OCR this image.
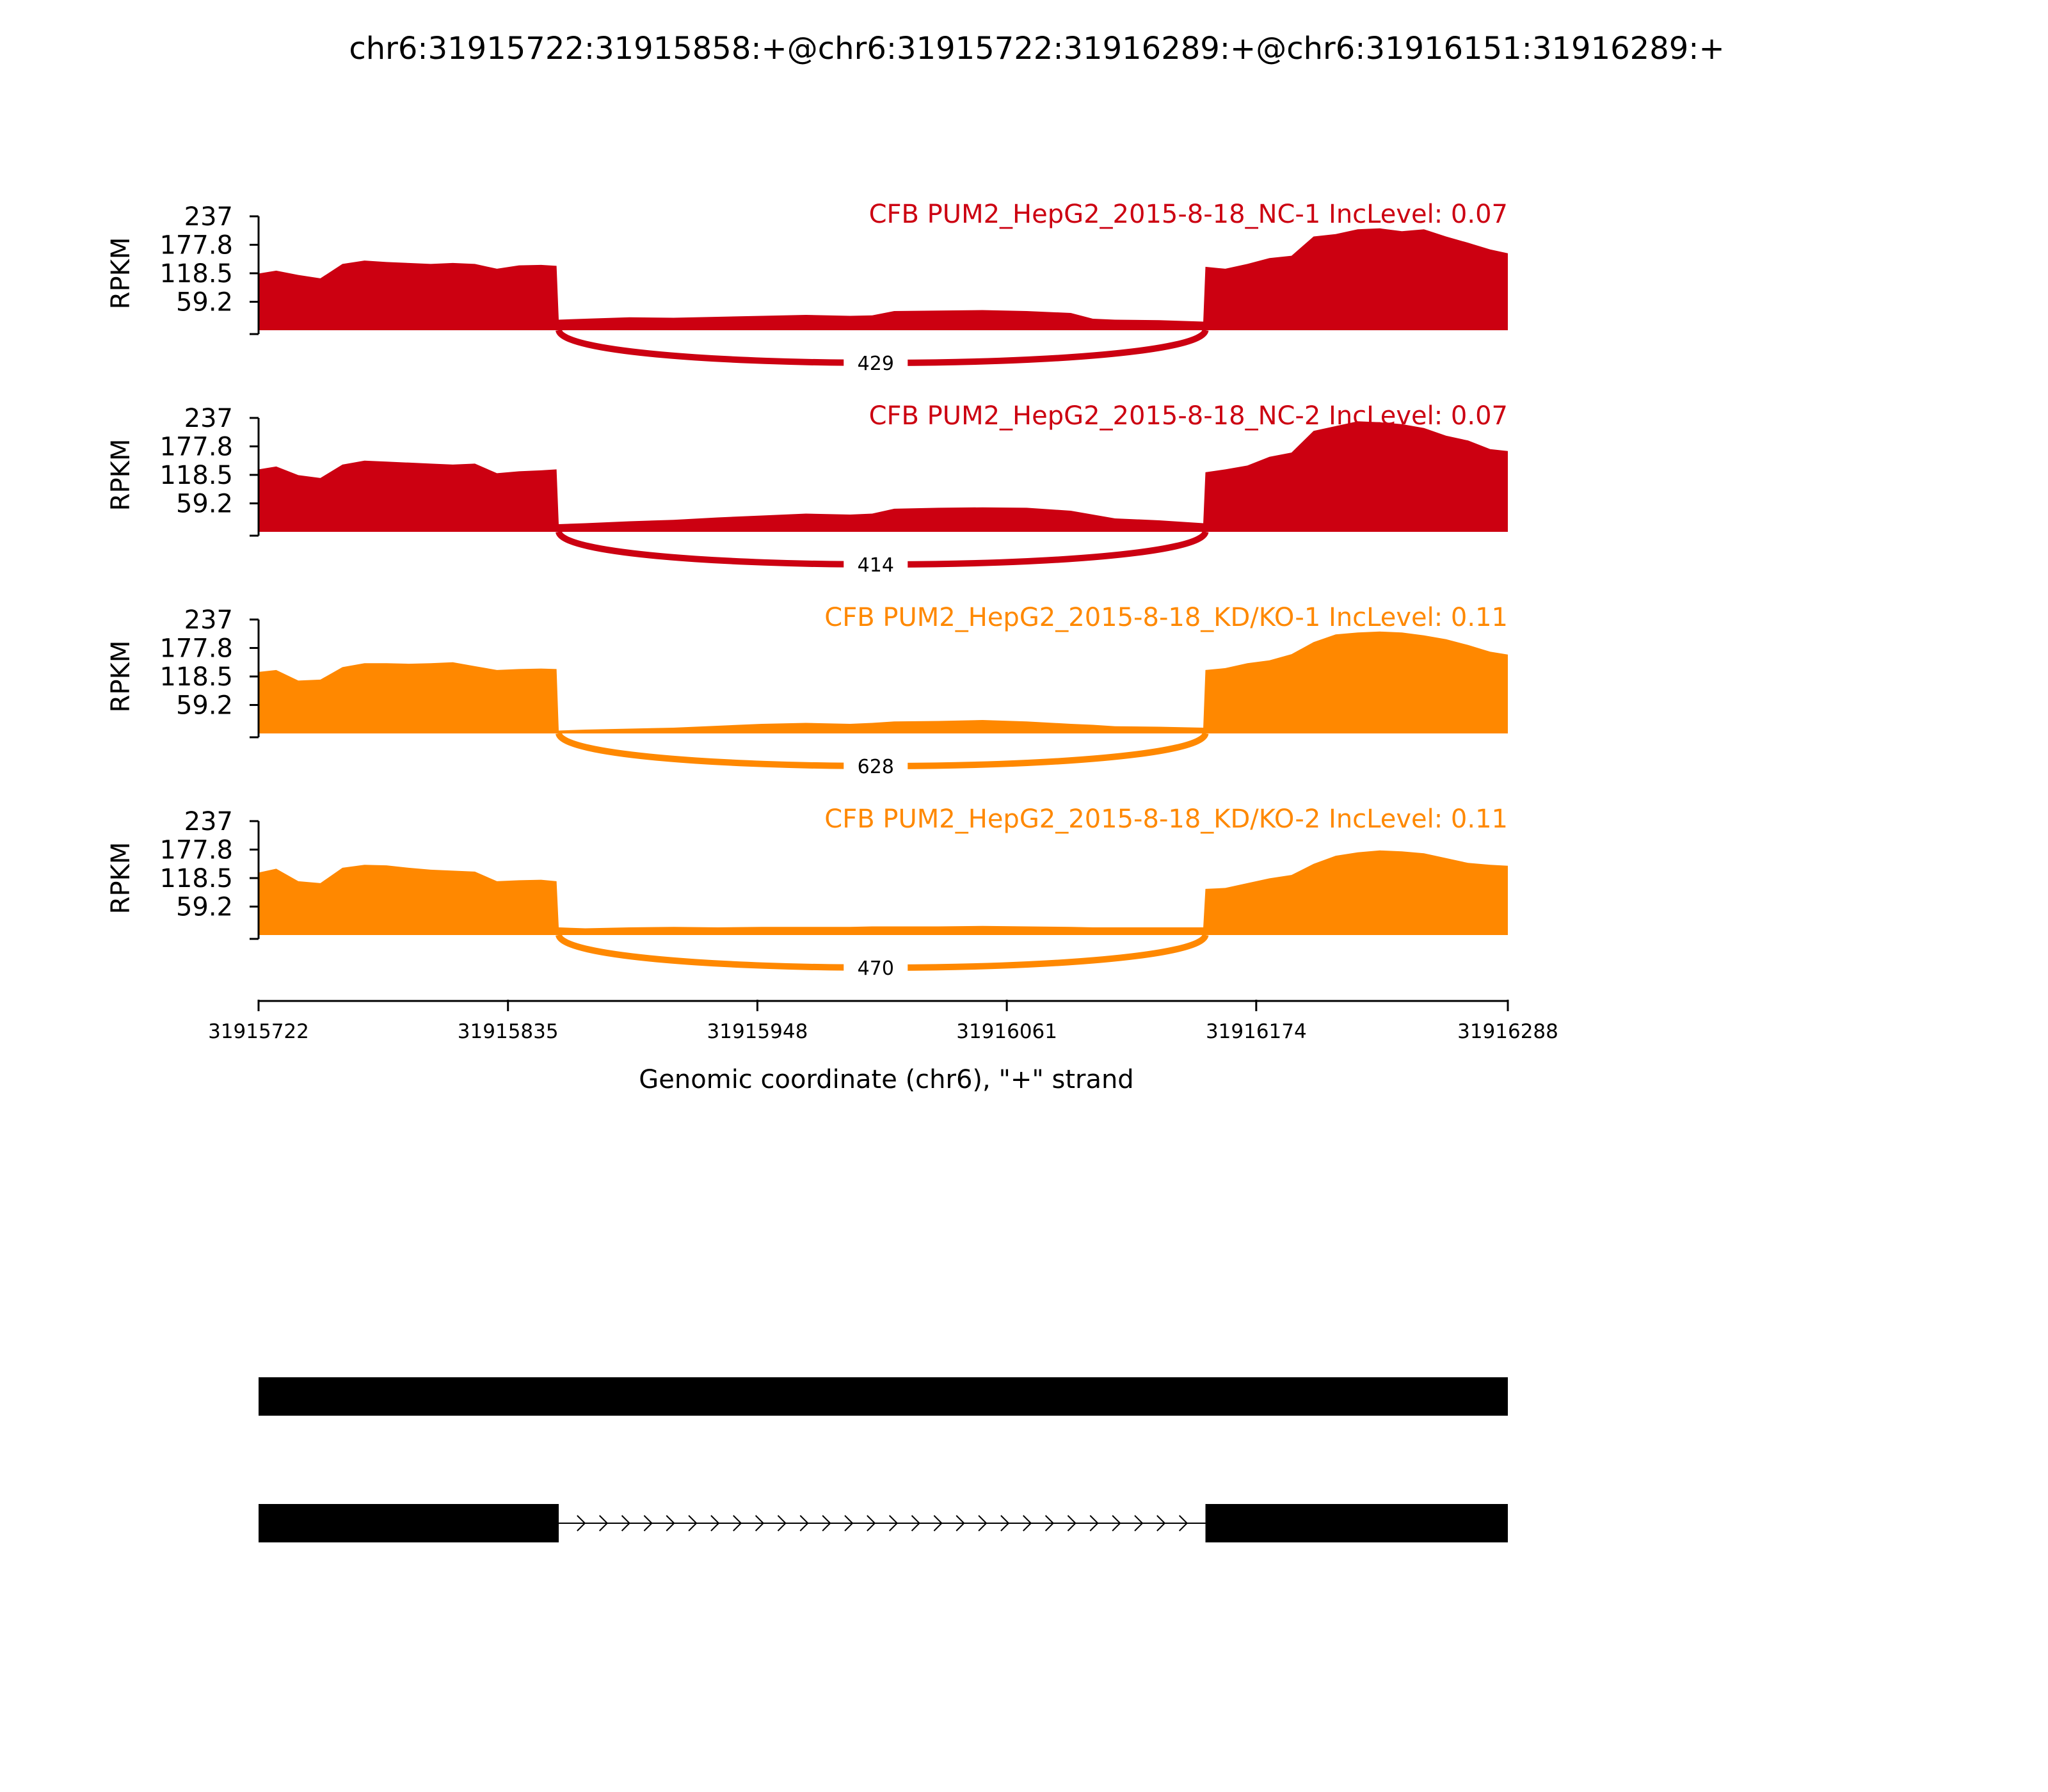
chr6:31915722:31915858:+@chr6:31915722:31916289:+@chr6:31916151:31916289:+
237
177.8
118.5
59.2
RPKM
CFB PUM2_HepG2_2015-8-18_NC-1 IncLevel: 0.07
429
237
177.8
118.5
59.2
RPKM
CFB PUM2_HepG2_2015-8-18_NC-2 IncLevel: 0.07
414
237
177.8
118.5
59.2
RPKM
CFB PUM2_HepG2_2015-8-18_KD/KO-1 IncLevel: 0.11
628
237
177.8
118.5
59.2
RPKM
CFB PUM2_HepG2_2015-8-18_KD/KO-2 IncLevel: 0.11
470
Genomic coordinate (chr6), "+" strand
31915722	31915835	31915948	31916061	31916174	31916288
